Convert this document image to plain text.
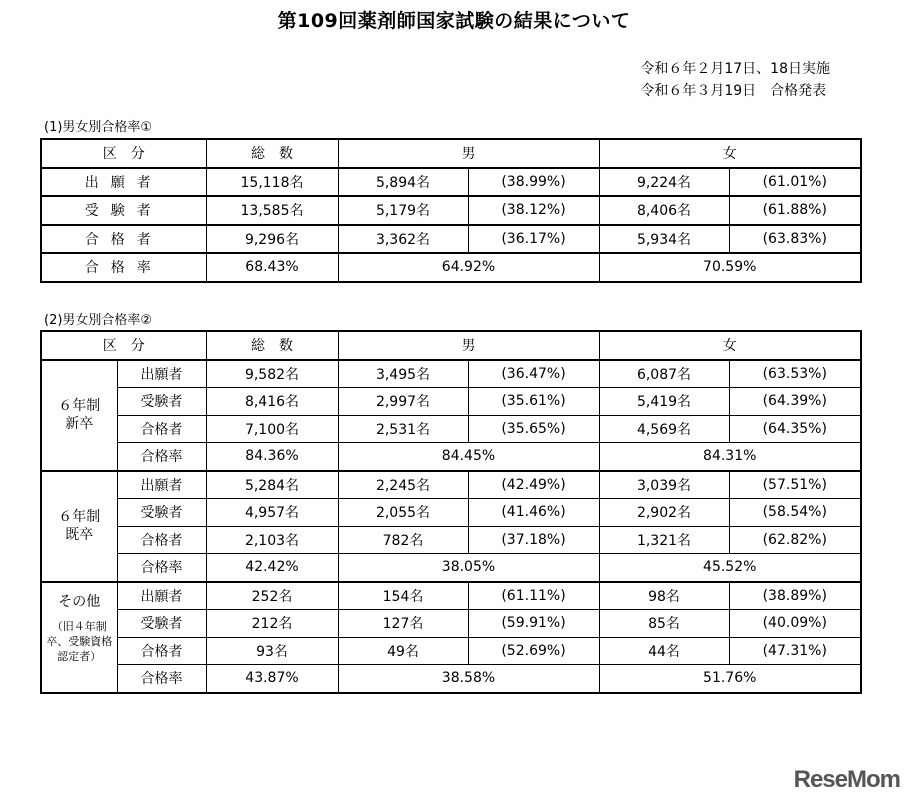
第109回薬剤師国家試験の結果について
令和６年２月17日、18日実施
令和６年３月19日　合格発表
(1)男女別合格率①
区　分	総　数	男		女	
出願者	15,118名	5,894名	(38.99%)	9,224名	(61.01%)
受験者	13,585名	5,179名	(38.12%)	8,406名	(61.88%)
合格者	9,296名	3,362名	(36.17%)	5,934名	(63.83%)
合格率	68.43%	64.92%		70.59%	
(2)男女別合格率②
区　分		総　数	男		女	

６年制
新卒	出願者	9,582名	3,495名	(36.47%)	6,087名	(63.53%)
	受験者	8,416名	2,997名	(35.61%)	5,419名	(64.39%)
	合格者	7,100名	2,531名	(35.65%)	4,569名	(64.35%)
	合格率	84.36%	84.45%		84.31%	

６年制
既卒	出願者	5,284名	2,245名	(42.49%)	3,039名	(57.51%)
	受験者	4,957名	2,055名	(41.46%)	2,902名	(58.54%)
	合格者	2,103名	782名	(37.18%)	1,321名	(62.82%)
	合格率	42.42%	38.05%		45.52%	

その他
（旧４年制卒、受験資格認定者）	出願者	252名	154名	(61.11%)	98名	(38.89%)
	受験者	212名	127名	(59.91%)	85名	(40.09%)
	合格者	93名	49名	(52.69%)	44名	(47.31%)
	合格率	43.87%	38.58%		51.76%	
ReseMom
